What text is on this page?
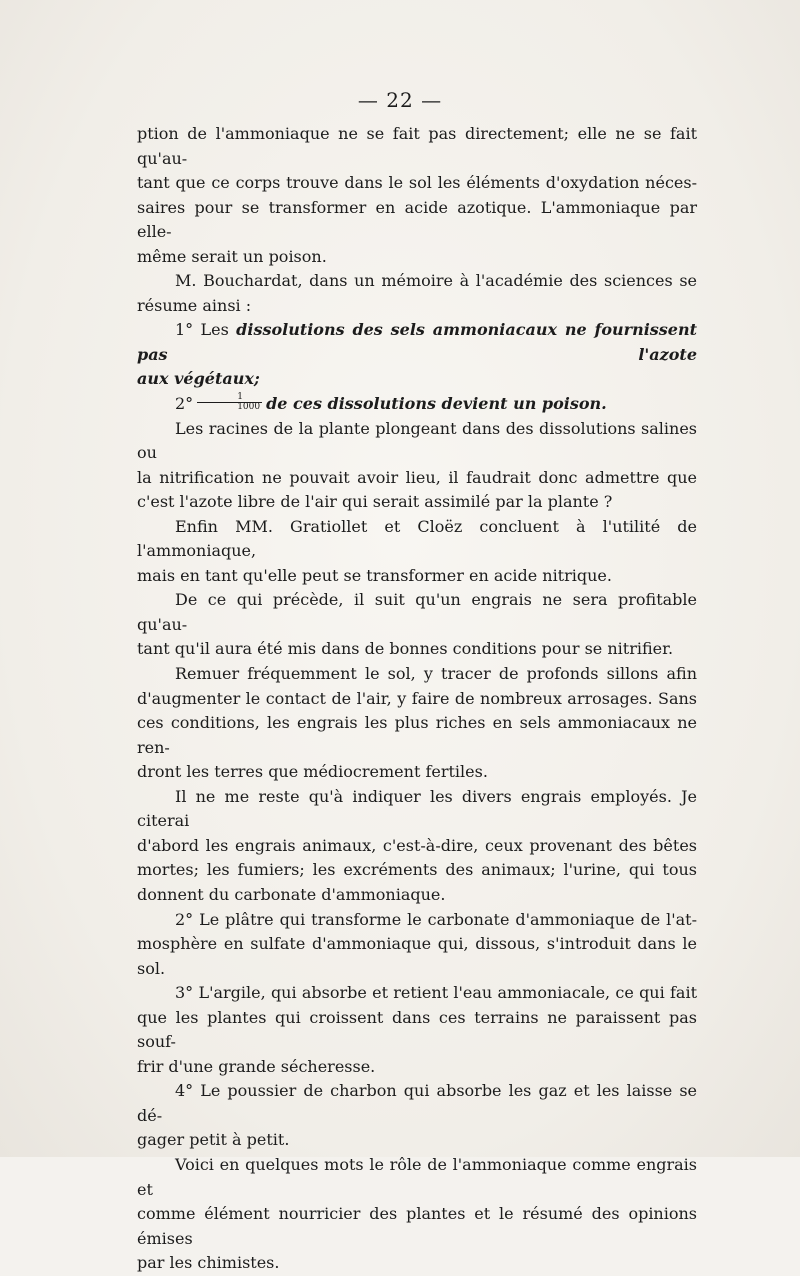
— 22 —

ption de l'ammoniaque ne se fait pas directement; elle ne se fait qu'au-

tant que ce corps trouve dans le sol les éléments d'oxydation néces-

saires pour se transformer en acide azotique. L'ammoniaque par elle-

même serait un poison.

M. Bouchardat, dans un mémoire à l'académie des sciences se

résume ainsi :

1° Les dissolutions des sels ammoniacaux ne fournissent pas l'azote

aux végétaux;

$2^\circ \frac{1}{1000}$ de ces dissolutions devient un poison.

Les racines de la plante plongeant dans des dissolutions salines ou

la nitrification ne pouvait avoir lieu, il faudrait donc admettre que

c'est l'azote libre de l'air qui serait assimilé par la plante ?

Enfin MM. Gratiollet et Cloëz concluent à l'utilité de l'ammoniaque,

mais en tant qu'elle peut se transformer en acide nitrique.

De ce qui précède, il suit qu'un engrais ne sera profitable qu'au-

tant qu'il aura été mis dans de bonnes conditions pour se nitrifier.

Remuer fréquemment le sol, y tracer de profonds sillons afin

d'augmenter le contact de l'air, y faire de nombreux arrosages. Sans

ces conditions, les engrais les plus riches en sels ammoniacaux ne ren-

dront les terres que médiocrement fertiles.

Il ne me reste qu'à indiquer les divers engrais employés. Je citerai

d'abord les engrais animaux, c'est-à-dire, ceux provenant des bêtes

mortes; les fumiers; les excréments des animaux; l'urine, qui tous

donnent du carbonate d'ammoniaque.

2° Le plâtre qui transforme le carbonate d'ammoniaque de l'at-

mosphère en sulfate d'ammoniaque qui, dissous, s'introduit dans le sol.

3° L'argile, qui absorbe et retient l'eau ammoniacale, ce qui fait

que les plantes qui croissent dans ces terrains ne paraissent pas souf-

frir d'une grande sécheresse.

4° Le poussier de charbon qui absorbe les gaz et les laisse se dé-

gager petit à petit.

Voici en quelques mots le rôle de l'ammoniaque comme engrais et

comme élément nourricier des plantes et le résumé des opinions émises

par les chimistes.
